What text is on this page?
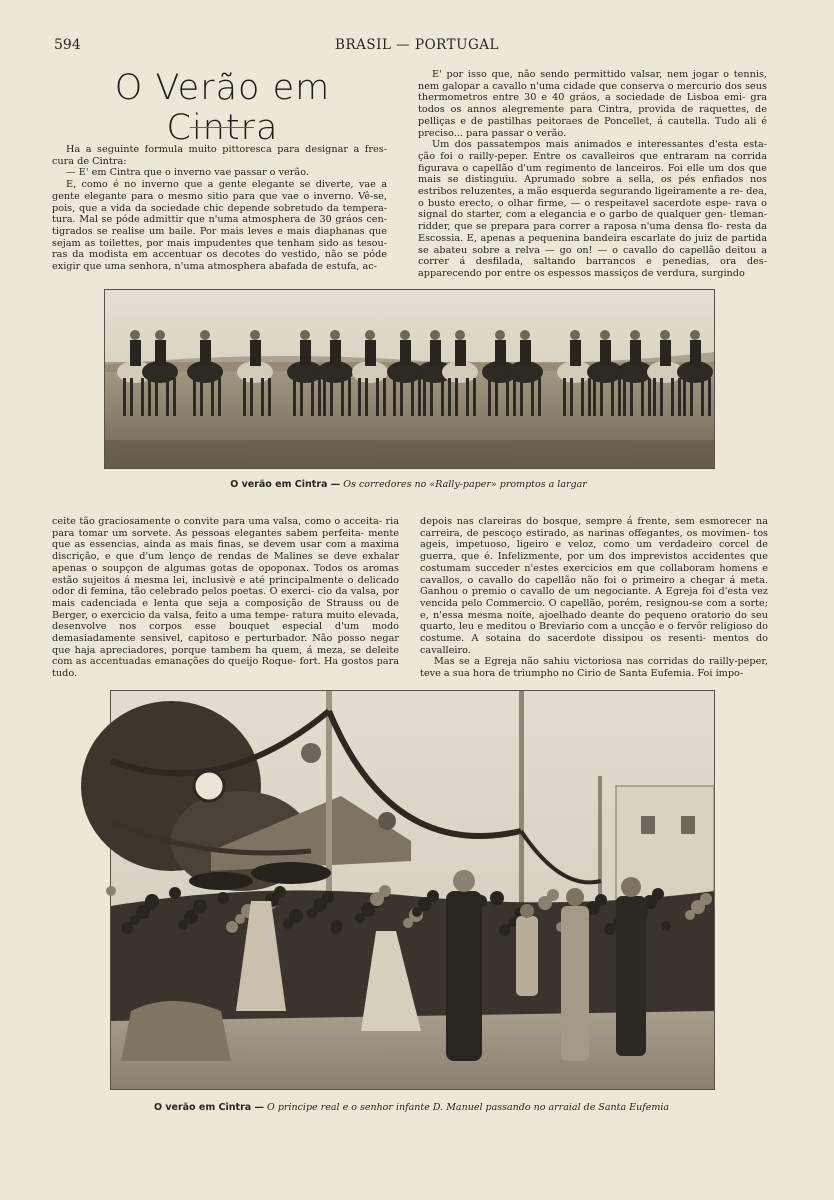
594	BRASIL — PORTUGAL
O Verão em Cintra

Ha a seguinte formula muito pittoresca para designar a fres- cura de Cintra:

— E' em Cintra que o inverno vae passar o verão.

E, como é no inverno que a gente elegante se diverte, vae a gente elegante para o mesmo sitio para que vae o inverno. Vê-se, pois, que a vida da sociedade chic depende sobretudo da tempera- tura. Mal se póde admittir que n'uma atmosphera de 30 gráos cen- tigrados se realise um baile. Por mais leves e mais diaphanas que sejam as toilettes, por mais impudentes que tenham sido as tesou- ras da modista em accentuar os decotes do vestido, não se póde exigir que uma senhora, n'uma atmosphera abafada de estufa, ac-

E' por isso que, não sendo permittido valsar, nem jogar o tennis, nem galopar a cavallo n'uma cidade que conserva o mercurio dos seus thermometros entre 30 e 40 gráos, a sociedade de Lisboa emi- gra todos os annos alegremente para Cintra, provida de raquettes, de pelliças e de pastilhas peitoraes de Poncellet, á cautella. Tudo ali é preciso... para passar o verão.

Um dos passatempos mais animados e interessantes d'esta esta- ção foi o railly-peper. Entre os cavalleiros que entraram na corrida figurava o capellão d'um regimento de lanceiros. Foi elle um dos que mais se distinguiu. Aprumado sobre a sella, os pés enfiados nos estribos reluzentes, a mão esquerda segurando ligeiramente a re- dea, o busto erecto, o olhar firme, — o respeitavel sacerdote espe- rava o signal do starter, com a elegancia e o garbo de qualquer gen- tleman-ridder, que se prepara para correr a raposa n'uma densa flo- resta da Escossia. E, apenas a pequenina bandeira escarlate do juiz de partida se abateu sobre a relva — go on! — o cavallo do capellão deitou a correr á desfilada, saltando barrancos e penedias, ora des- apparecendo por entre os espessos massiços de verdura, surgindo

O verão em Cintra — Os corredores no «Rally-paper» promptos a largar

ceite tão graciosamente o convite para uma valsa, como o acceita- ria para tomar um sorvete. As pessoas elegantes sabem perfeita- mente que as essencias, ainda as mais finas, se devem usar com a maxima discrição, e que d'um lenço de rendas de Malines se deve exhalar apenas o soupçon de algumas gotas de opoponax. Todos os aromas estão sujeitos á mesma lei, inclusivè e até principalmente o delicado odor di femina, tão celebrado pelos poetas. O exerci- cio da valsa, por mais cadenciada e lenta que seja a composição de Strauss ou de Berger, o exercicio da valsa, feito a uma tempe- ratura muito elevada, desenvolve nos corpos esse bouquet especial d'um modo demasiadamente sensivel, capitoso e perturbador. Não posso negar que haja apreciadores, porque tambem ha quem, á meza, se deleite com as accentuadas emanações do queijo Roque- fort. Ha gostos para tudo.

depois nas clareiras do bosque, sempre á frente, sem esmorecer na carreira, de pescoço estirado, as narinas offegantes, os movimen- tos ageis, impetuoso, ligeiro e veloz, como um verdadeiro corcel de guerra, que é. Infelizmente, por um dos imprevistos accidentes que costumam succeder n'estes exercicios em que collaboram homens e cavallos, o cavallo do capellão não foi o primeiro a chegar á meta. Ganhou o premio o cavallo de um negociante. A Egreja foi d'esta vez vencida pelo Commercio. O capellão, porém, resignou-se com a sorte; e, n'essa mesma noite, ajoelhado deante do pequeno oratorio do seu quarto, leu e meditou o Breviario com a uncção e o fervôr religioso do costume. A sotaina do sacerdote dissipou os resenti- mentos do cavalleiro.

Mas se a Egreja não sahiu victoriosa nas corridas do railly-peper, teve a sua hora de triumpho no Cirio de Santa Eufemia. Foi impo-

O verão em Cintra — O principe real e o senhor infante D. Manuel passando no arraial de Santa Eufemia
